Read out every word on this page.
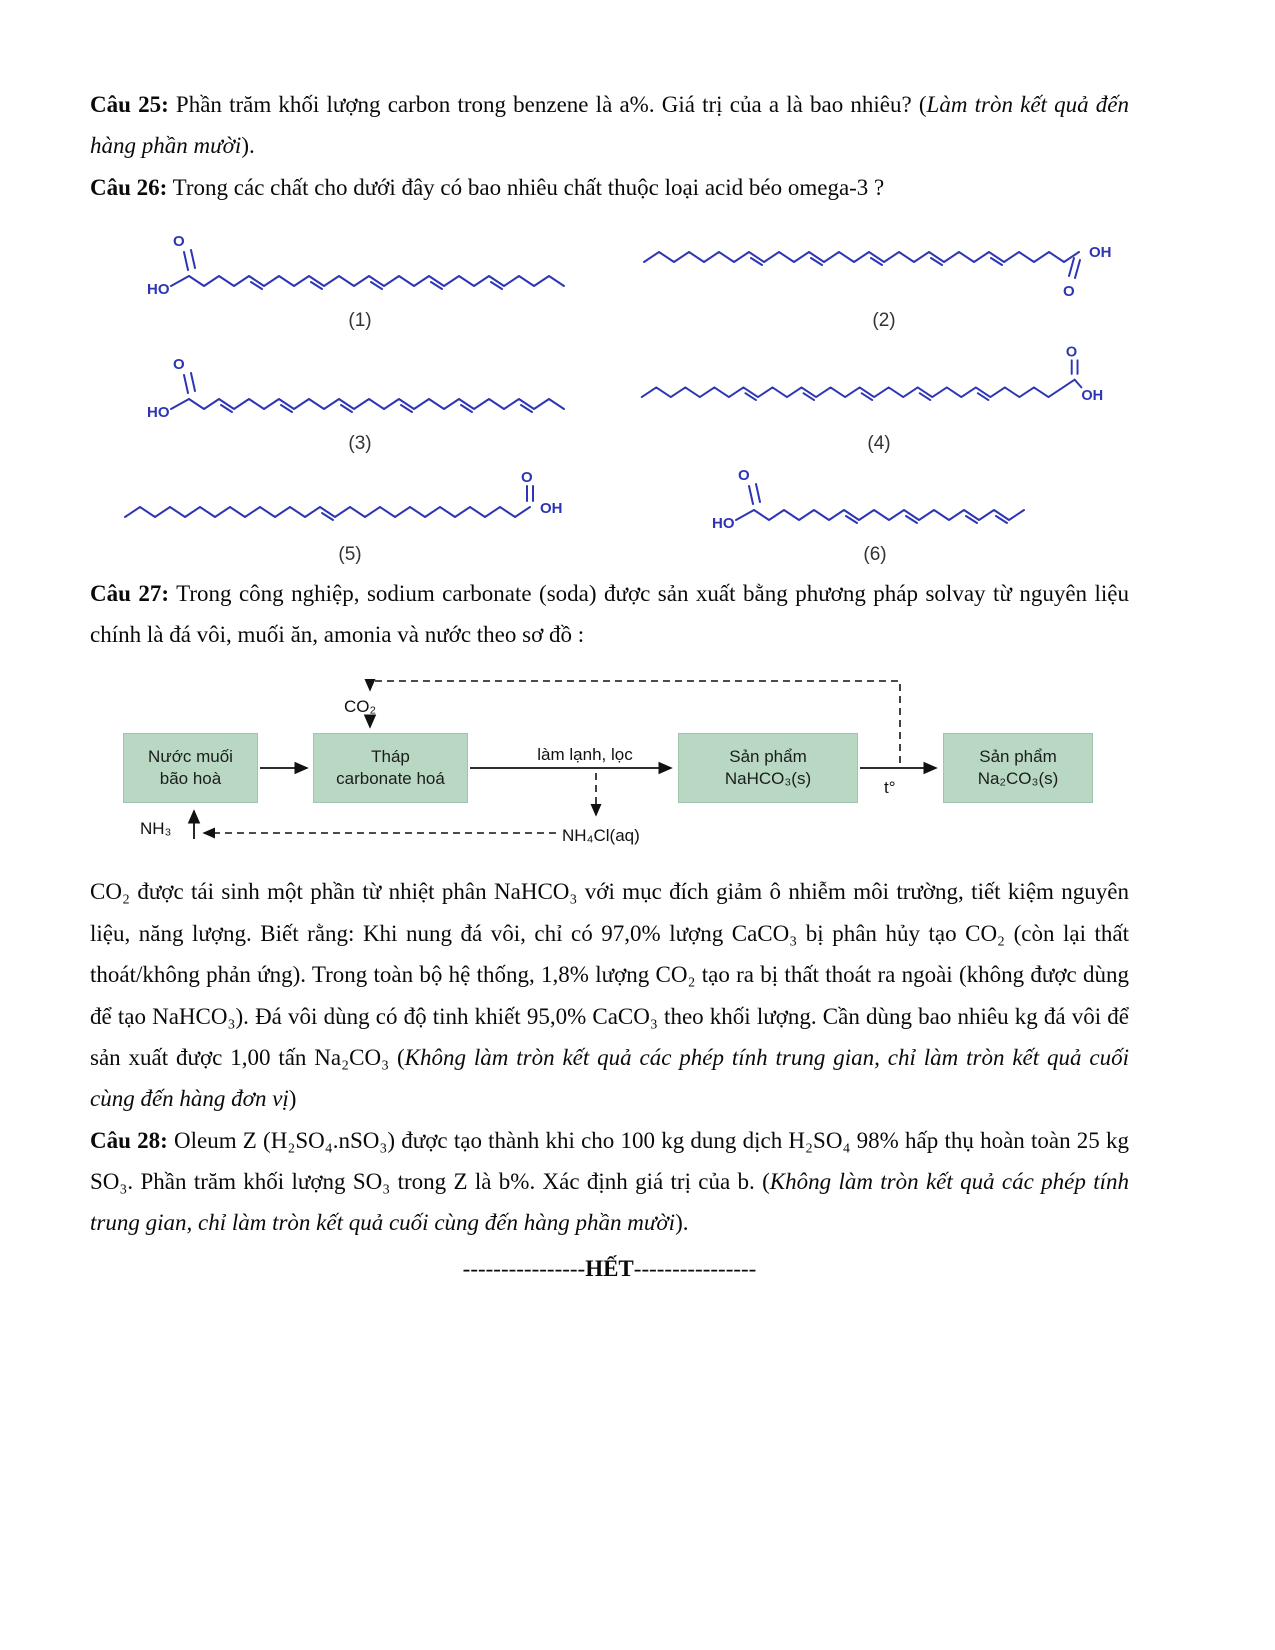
Câu 25: Phần trăm khối lượng carbon trong benzene là a%. Giá trị của a là bao nhiêu? (Làm tròn kết quả đến hàng phần mười).

Câu 26: Trong các chất cho dưới đây có bao nhiêu chất thuộc loại acid béo omega-3 ?

HO
O
(1)
OH
O
(2)
HO
O
(3)
O
OH
(4)
O
OH
(5)
HO
O
(6)

Câu 27: Trong công nghiệp, sodium carbonate (soda) được sản xuất bằng phương pháp solvay từ nguyên liệu chính là đá vôi, muối ăn, amonia và nước theo sơ đồ :

Nước muối
bão hoà
Tháp
carbonate hoá
Sản phẩm
NaHCO₃(s)
Sản phẩm
Na₂CO₃(s)
CO₂
làm lạnh, lọc
t°
NH₃	NH₄Cl(aq)

CO₂ được tái sinh một phần từ nhiệt phân NaHCO₃ với mục đích giảm ô nhiễm môi trường, tiết kiệm nguyên liệu, năng lượng. Biết rằng: Khi nung đá vôi, chỉ có 97,0% lượng CaCO₃ bị phân hủy tạo CO₂ (còn lại thất thoát/không phản ứng). Trong toàn bộ hệ thống, 1,8% lượng CO₂ tạo ra bị thất thoát ra ngoài (không được dùng để tạo NaHCO₃). Đá vôi dùng có độ tinh khiết 95,0% CaCO₃ theo khối lượng. Cần dùng bao nhiêu kg đá vôi để sản xuất được 1,00 tấn Na₂CO₃ (Không làm tròn kết quả các phép tính trung gian, chỉ làm tròn kết quả cuối cùng đến hàng đơn vị)

Câu 28: Oleum Z (H₂SO₄.nSO₃) được tạo thành khi cho 100 kg dung dịch H₂SO₄ 98% hấp thụ hoàn toàn 25 kg SO₃. Phần trăm khối lượng SO₃ trong Z là b%. Xác định giá trị của b. (Không làm tròn kết quả các phép tính trung gian, chỉ làm tròn kết quả cuối cùng đến hàng phần mười).

----------------HẾT----------------
